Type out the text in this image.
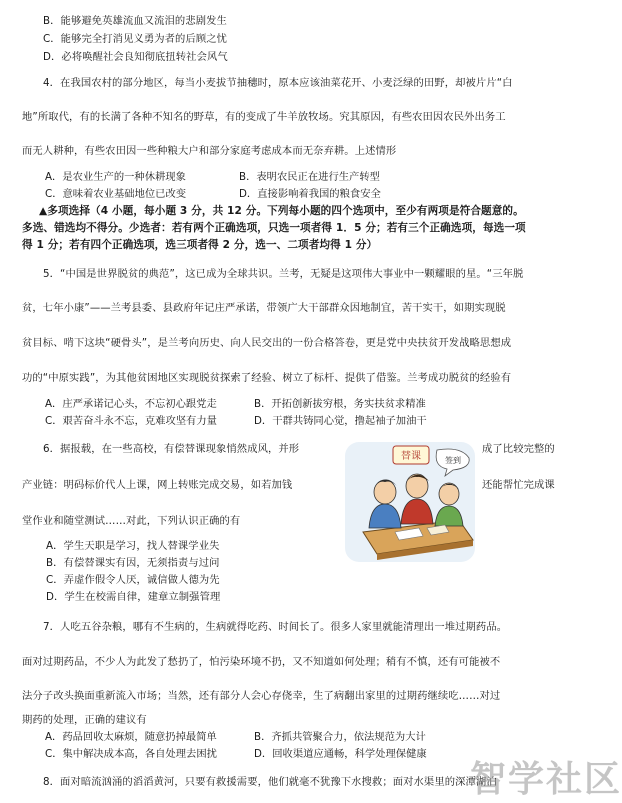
B．能够避免英雄流血又流泪的悲剧发生
C．能够完全打消见义勇为者的后顾之忧
D．必将唤醒社会良知彻底扭转社会风气
4．在我国农村的部分地区，每当小麦拔节抽穗时，原本应该油菜花开、小麦泛绿的田野，却被片片“白
地”所取代，有的长满了各种不知名的野草，有的变成了牛羊放牧场。究其原因，有些农田因农民外出务工
而无人耕种，有些农田因一些种粮大户和部分家庭考虑成本而无奈弃耕。上述情形
A．是农业生产的一种休耕现象	B．表明农民正在进行生产转型
C．意味着农业基础地位已改变	D．直接影响着我国的粮食安全
▲多项选择（4 小题，每小题 3 分，共 12 分。下列每小题的四个选项中，至少有两项是符合题意的。
多选、错选均不得分。少选者：若有两个正确选项，只选一项者得 1．5 分；若有三个正确选项，每选一项
得 1 分；若有四个正确选项，选三项者得 2 分，选一、二项者均得 1 分）
5．“中国是世界脱贫的典范”，这已成为全球共识。兰考，无疑是这项伟大事业中一颗耀眼的星。“三年脱
贫，七年小康”——兰考县委、县政府年记庄严承诺，带领广大干部群众因地制宜，苦干实干，如期实现脱
贫目标、啃下这块“硬骨头”，是兰考向历史、向人民交出的一份合格答卷，更是党中央扶贫开发战略思想成
功的“中原实践”，为其他贫困地区实现脱贫探索了经验、树立了标杆、提供了借鉴。兰考成功脱贫的经验有
A．庄严承诺记心头，不忘初心跟党走	B．开拓创新拔穷根，务实扶贫求精准
C．艰苦奋斗永不忘，克难攻坚有力量	D．干群共铸同心觉，撸起袖子加油干
6．据报载，在一些高校，有偿替课现象悄然成风，并形	成了比较完整的
产业链：明码标价代人上课，网上转账完成交易，如若加钱	还能帮忙完成课
堂作业和随堂测试……对此，下列认识正确的有
A．学生天职是学习，找人替课学业失
B．有偿替课实有因，无须指责与过问
C．弄虚作假令人厌，诚信做人德为先
D．学生在校需自律，建章立制强管理
替课	签到
7．人吃五谷杂粮，哪有不生病的，生病就得吃药、时间长了。很多人家里就能清理出一堆过期药品。
面对过期药品，不少人为此发了愁扔了，怕污染环境不扔，又不知道如何处理；稍有不慎，还有可能被不
法分子改头换面重新流入市场；当然，还有部分人会心存侥幸，生了病翻出家里的过期药继续吃……对过
期药的处理，正确的建议有
A．药品回收太麻烦，随意扔掉最简单	B．齐抓共管聚合力，依法规范为大计
C．集中解决成本高，各自处理去困扰	D．回收渠道应通畅，科学处理保健康
8．面对暗流汹涌的滔滔黄河，只要有救援需要，他们就毫不犹豫下水搜救；面对水渠里的深潭湖泊
智学社区
